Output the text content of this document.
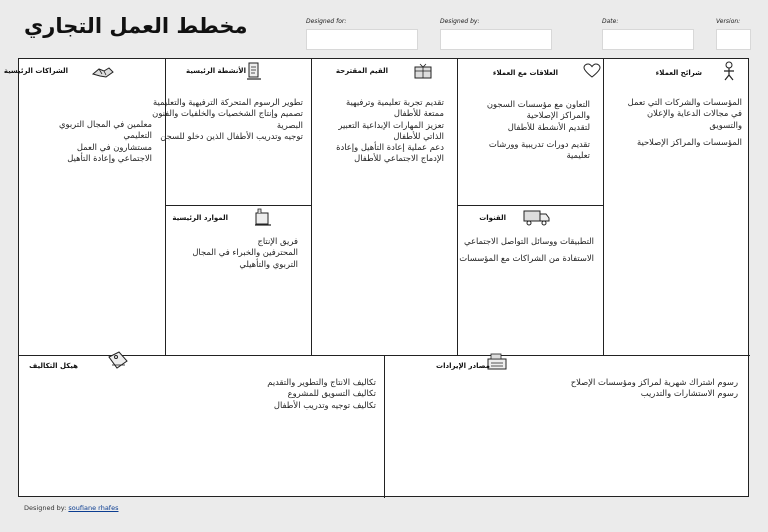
مخطط العمل التجاري	Designed for:	Designed by:	Date:	Version:
الشراكات الرئيسية
معلمين في المجال التربوي
التعليمي
مستشارون في العمل
الاجتماعي وإعادة التأهيل
الأنشطة الرئيسية
تطوير الرسوم المتحركة الترفيهية والتعليمية
تصميم وإنتاج الشخصيات والخلفيات والفنون
البصرية
توجيه وتدريب الأطفال الذين دخلو للسجن
الموارد الرئيسية
فريق الإنتاج
المحترفين والخبراء في المجال
التربوي والتأهيلي
القيم المقترحة
تقديم تجربة تعليمية وترفيهية
ممتعة للأطفال
تعزيز المهارات الإبداعية التعبير
الذاتي للأطفال
دعم عملية إعادة التأهيل وإعادة
الإدماج الاجتماعي للأطفال
العلاقات مع العملاء
التعاون مع مؤسسات السجون
والمراكز الإصلاحية
لتقديم الأنشطة للأطفال
تقديم دورات تدريبية وورشات
تعليمية
القنوات
التطبيقات ووسائل التواصل الاجتماعي
الاستفادة من الشراكات مع المؤسسات
شرائح العملاء
المؤسسات والشركات التي تعمل
في مجالات الدعاية والإعلان
والتسويق
المؤسسات والمراكز الإصلاحية
هيكل التكاليف
تكاليف الانتاج والتطوير والتقديم
تكاليف التسويق للمشروع
تكاليف توجيه وتدريب الأطفال
مصادر الإيرادات
رسوم اشتراك شهرية لمراكز ومؤسسات الإصلاح
رسوم الاستشارات والتدريب
Designed by: soufiane rhafes
